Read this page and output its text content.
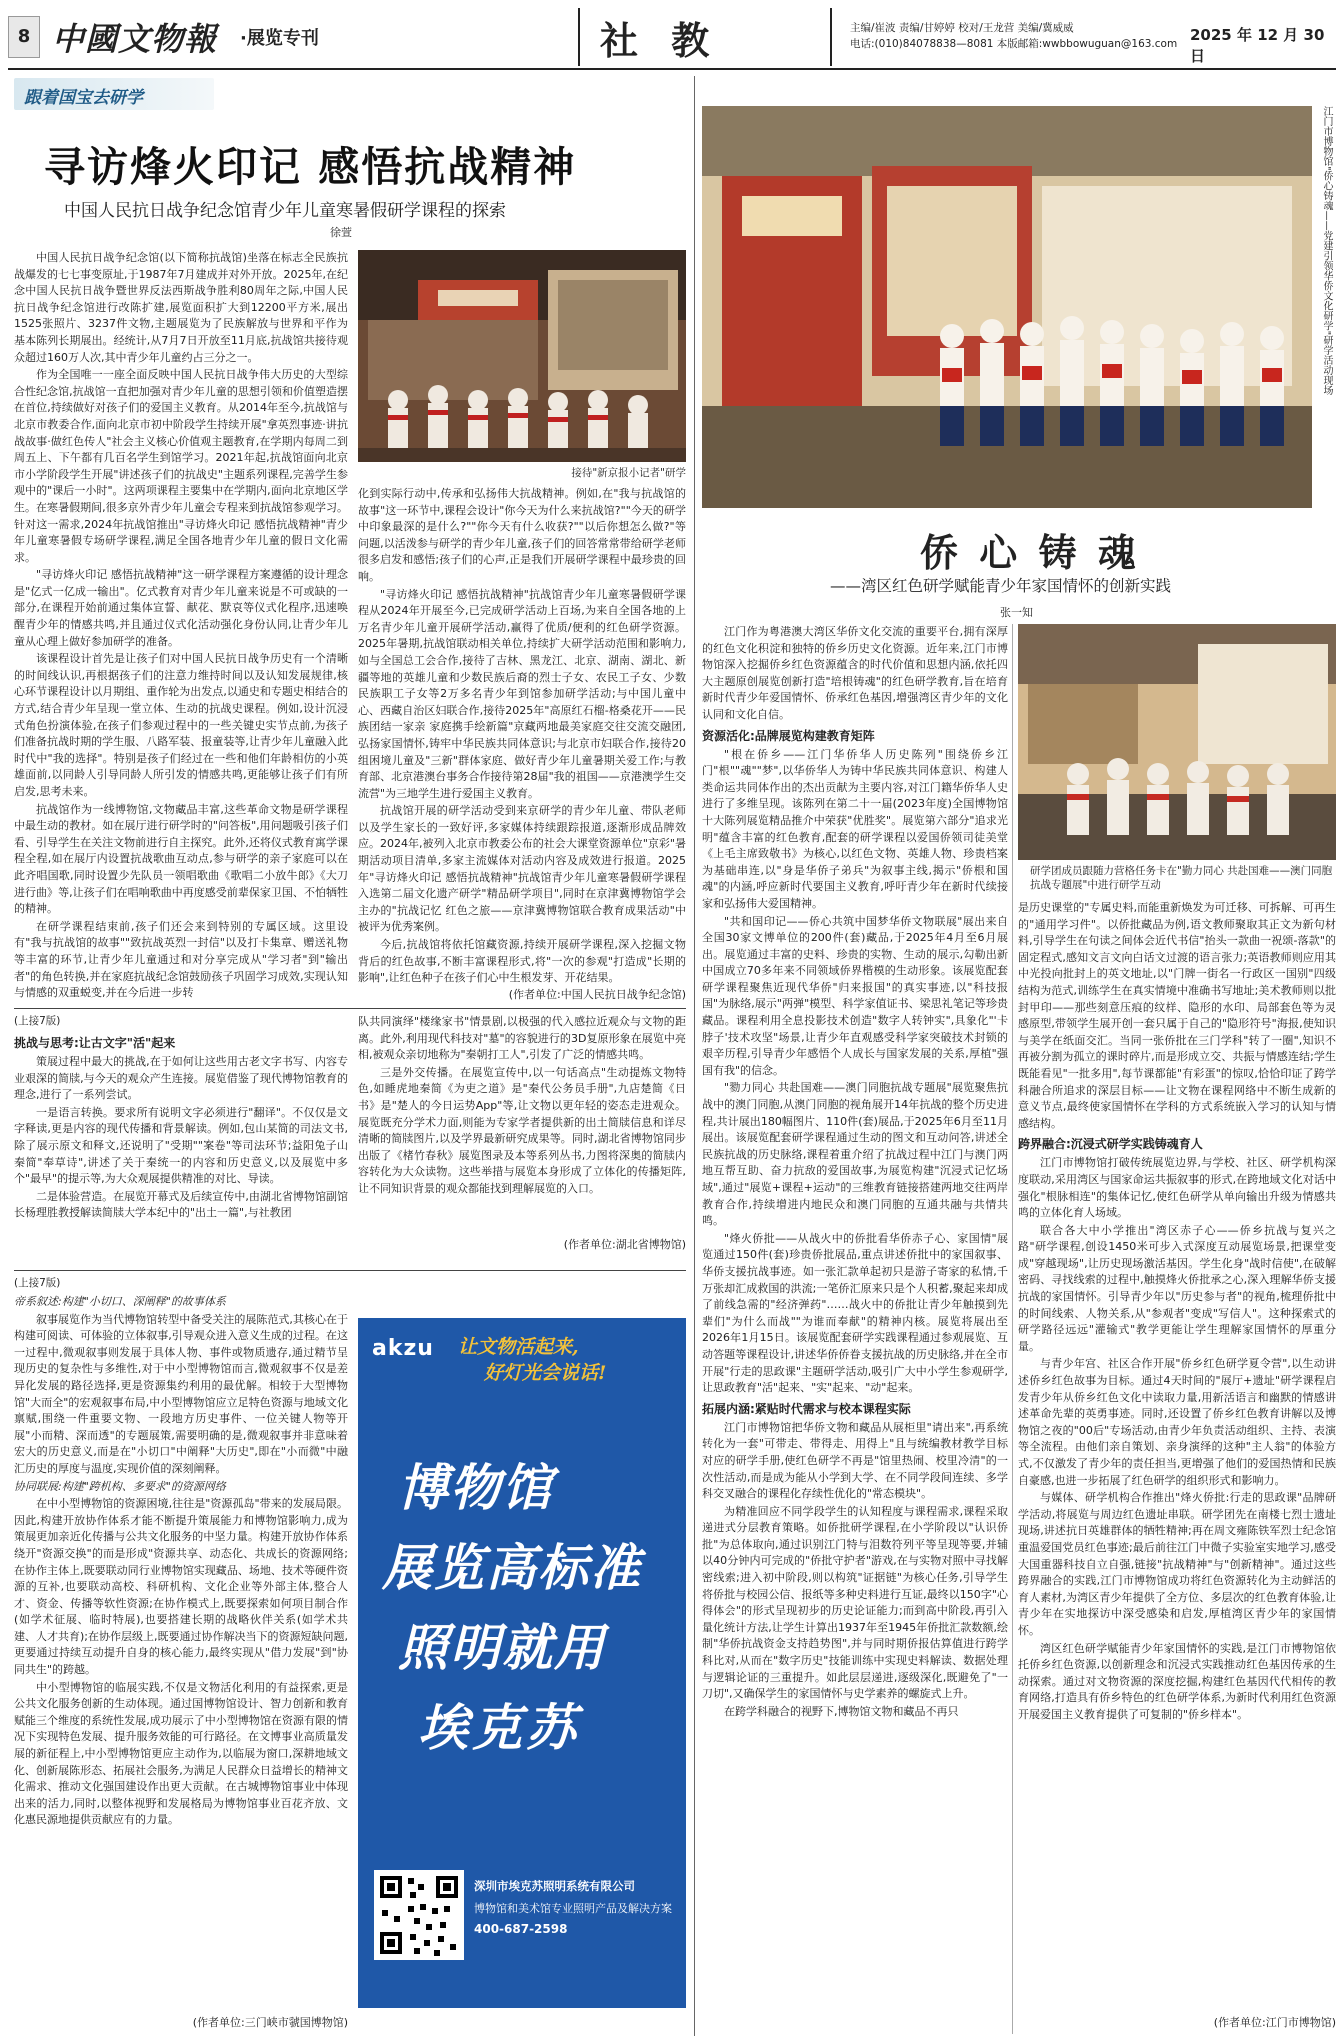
8 中國文物報 ·展览专刊	社 教	主编/崔波 责编/甘婷婷 校对/王龙营 美编/冀威威
电话:(010)84078838—8081 本版邮箱:wwbbowuguan@163.com 2025 年 12 月 30 日
跟着国宝去研学
寻访烽火印记 感悟抗战精神
中国人民抗日战争纪念馆青少年儿童寒暑假研学课程的探索
徐萱

中国人民抗日战争纪念馆(以下简称抗战馆)坐落在标志全民族抗战爆发的七七事变原址,于1987年7月建成并对外开放。2025年,在纪念中国人民抗日战争暨世界反法西斯战争胜利80周年之际,中国人民抗日战争纪念馆进行改陈扩建,展览面积扩大到12200平方米,展出1525张照片、3237件文物,主题展览为了民族解放与世界和平作为基本陈列长期展出。经统计,从7月7日开放至11月底,抗战馆共接待观众超过160万人次,其中青少年儿童约占三分之一。

作为全国唯一一座全面反映中国人民抗日战争伟大历史的大型综合性纪念馆,抗战馆一直把加强对青少年儿童的思想引领和价值塑造摆在首位,持续做好对孩子们的爱国主义教育。从2014年至今,抗战馆与北京市教委合作,面向北京市初中阶段学生持续开展"拿英烈事迹·讲抗战故事·做红色传人"社会主义核心价值观主题教育,在学期内每周二到周五上、下午都有几百名学生到馆学习。2021年起,抗战馆面向北京市小学阶段学生开展"讲述孩子们的抗战史"主题系列课程,完善学生参观中的"课后一小时"。这两项课程主要集中在学期内,面向北京地区学生。在寒暑假期间,很多京外青少年儿童会专程来到抗战馆参观学习。针对这一需求,2024年抗战馆推出"寻访烽火印记 感悟抗战精神"青少年儿童寒暑假专场研学课程,满足全国各地青少年儿童的假日文化需求。

"寻访烽火印记 感悟抗战精神"这一研学课程方案遵循的设计理念是"亿式一亿成一输出"。亿式教育对青少年儿童来说是不可或缺的一部分,在课程开始前通过集体宣誓、献花、默哀等仪式化程序,迅速唤醒青少年的情感共鸣,并且通过仪式化活动强化身份认同,让青少年儿童从心理上做好参加研学的准备。

该课程设计首先是让孩子们对中国人民抗日战争历史有一个清晰的时间线认识,再根据孩子们的注意力维持时间以及认知发展规律,核心环节课程设计以月期组、重作轮为出发点,以通史和专题史相结合的方式,结合青少年呈现一堂立体、生动的抗战史课程。例如,设计沉浸式角色扮演体验,在孩子们参观过程中的一些关键史实节点前,为孩子们准备抗战时期的学生服、八路军装、报童装等,让青少年儿童融入此时代中"我的选择"。特别是孩子们经过在一些和他们年龄相仿的小英雄面前,以同龄人引导同龄人所引发的情感共鸣,更能够让孩子们有所启发,思考未来。

抗战馆作为一线博物馆,文物藏品丰富,这些革命文物是研学课程中最生动的教材。如在展厅进行研学时的"问答板",用问题吸引孩子们看、引导学生在关注文物前进行自主探究。此外,还将仪式教育寓学课程全程,如在展厅内设置抗战歌曲互动点,参与研学的亲子家庭可以在此齐唱国歌,同时设置少先队员一领唱歌曲《歌唱二小放牛郎》《大刀进行曲》等,让孩子们在唱响歌曲中再度感受前辈保家卫国、不怕牺牲的精神。

在研学课程结束前,孩子们还会来到特别的专属区域。这里设有"我与抗战馆的故事""致抗战英烈一封信"以及打卡集章、赠送礼物等丰富的环节,让青少年儿童通过和对分享完成从"学习者"到"输出者"的角色转换,并在家庭抗战纪念馆鼓励孩子巩固学习成效,实现认知与情感的双重蜕变,并在今后进一步转

接待"新京报小记者"研学

化到实际行动中,传承和弘扬伟大抗战精神。例如,在"我与抗战馆的故事"这一环节中,课程会设计"你今天为什么来抗战馆?""今天的研学中印象最深的是什么?""你今天有什么收获?""以后你想怎么做?"等问题,以活泼参与研学的青少年儿童,孩子们的回答常常带给研学老师很多启发和感悟;孩子们的心声,正是我们开展研学课程中最珍贵的回响。

"寻访烽火印记 感悟抗战精神"抗战馆青少年儿童寒暑假研学课程从2024年开展至今,已完成研学活动上百场,为来自全国各地的上万名青少年儿童开展研学活动,赢得了优质/便利的红色研学资源。2025年暑期,抗战馆联动相关单位,持续扩大研学活动范围和影响力,如与全国总工会合作,接待了吉林、黑龙江、北京、湖南、湖北、新疆等地的英雄儿童和少数民族后裔的烈士子女、农民工子女、少数民族职工子女等2万多名青少年到馆参加研学活动;与中国儿童中心、西藏自治区妇联合作,接待2025年"高原红石榴-格桑花开——民族团结一家亲 家庭携手绘新篇"京藏两地最美家庭交往交流交融团,弘扬家国情怀,铸牢中华民族共同体意识;与北京市妇联合作,接待20组困境儿童及"三新"群体家庭、做好青少年儿童暑期关爱工作;与教育部、北京港澳台事务合作接待第28届"我的祖国——京港澳学生交流营"为三地学生进行爱国主义教育。

抗战馆开展的研学活动受到来京研学的青少年儿童、带队老师以及学生家长的一致好评,多家媒体持续跟踪报道,逐渐形成品牌效应。2024年,被列入北京市教委公布的社会大课堂资源单位"京彩"暑期活动项目清单,多家主流媒体对活动内容及成效进行报道。2025年"寻访烽火印记 感悟抗战精神"抗战馆青少年儿童寒暑假研学课程入选第二届文化遗产研学"精品研学项目",同时在京津冀博物馆学会主办的"抗战记忆 红色之旅——京津冀博物馆联合教育成果活动"中被评为优秀案例。

今后,抗战馆将依托馆藏资源,持续开展研学课程,深入挖掘文物背后的红色故事,不断丰富课程形式,将"一次的参观"打造成"长期的影响",让红色种子在孩子们心中生根发芽、开花结果。

(作者单位:中国人民抗日战争纪念馆)
(上接7版)
挑战与思考:让古文字"活"起来

策展过程中最大的挑战,在于如何让这些用古老文字书写、内容专业艰深的简牍,与今天的观众产生连接。展览借鉴了现代博物馆教育的理念,进行了一系列尝试。

一是语言转换。要求所有说明文字必须进行"翻译"。不仅仅是文字释读,更是内容的现代传播和背景解读。例如,包山某简的司法文书,除了展示原文和释文,还说明了"受期""案卷"等司法环节;益阳兔子山秦简"奉草诗",讲述了关于秦统一的内容和历史意义,以及展览中多个"最早"的提示等,为大众观展提供精准的对比、导读。

二是体验营造。在展览开幕式及后续宣传中,由湖北省博物馆副馆长杨理胜教授解读简牍大学本纪中的"出土一篇",与社教团

队共同演绎"楼缘家书"情景剧,以极强的代入感拉近观众与文物的距离。此外,利用现代科技对"墓"的容貌进行的3D复原形象在展览中亮相,被观众亲切地称为"秦朝打工人",引发了广泛的情感共鸣。

三是外交传播。在展览宣传中,以一句话高点"生动提炼文物特色,如睡虎地秦简《为吏之道》是"秦代公务员手册",九店楚简《日书》是"楚人的今日运势App"等,让文物以更年轻的姿态走进观众。展览既充分学术力面,则能为专家学者提供新的出土简牍信息和详尽清晰的简牍图片,以及学界最新研究成果等。同时,湖北省博物馆同步出版了《楮竹春秋》展览图录及本等系列丛书,力图将深奥的简牍内容转化为大众读物。这些举措与展览本身形成了立体化的传播矩阵,让不同知识背景的观众都能找到理解展览的入口。

(作者单位:湖北省博物馆)
(上接7版)

帝系叙述:构建"小切口、深阐释"的故事体系

叙事展览作为当代博物馆转型中备受关注的展陈范式,其核心在于构建可阅读、可体验的立体叙事,引导观众进入意义生成的过程。在这一过程中,微观叙事则发展于具体人物、事件或物质遗存,通过精节呈现历史的复杂性与多维性,对于中小型博物馆而言,微观叙事不仅是差异化发展的路径选择,更是资源集约利用的最优解。相较于大型博物馆"大而全"的宏观叙事布局,中小型博物馆应立足特色资源与地域文化禀赋,围绕一件重要文物、一段地方历史事件、一位关键人物等开展"小而精、深而透"的专题展策,需要明确的是,微观叙事并非意味着宏大的历史意义,而是在"小切口"中阐释"大历史",即在"小而微"中融汇历史的厚度与温度,实现价值的深刻阐释。

协同联展:构建"跨机构、多要求"的资源网络

在中小型博物馆的资源困境,往往是"资源孤岛"带来的发展局限。因此,构建开放协作体系才能不断提升策展能力和博物馆影响力,成为策展更加亲近化传播与公共文化服务的中坚力量。构建开放协作体系绕开"资源交换"的而是形成"资源共享、动态化、共成长的资源网络;在协作主体上,既要联动同行业博物馆实现藏品、场地、技术等硬件资源的互补,也要联动高校、科研机构、文化企业等外部主体,整合人才、资金、传播等软性资源;在协作模式上,既要探索如何项目制合作(如学术征展、临时特展),也要搭建长期的战略伙伴关系(如学术共建、人才共育);在协作层级上,既要通过协作解决当下的资源短缺问题,更要通过持续互动提升自身的核心能力,最终实现从"借力发展"到"协同共生"的跨越。

中小型博物馆的临展实践,不仅是文物活化利用的有益探索,更是公共文化服务创新的生动体现。通过国博物馆设计、智力创新和教育赋能三个维度的系统性发展,成功展示了中小型博物馆在资源有限的情况下实现特色发展、提升服务效能的可行路径。在文博事业高质量发展的新征程上,中小型博物馆更应主动作为,以临展为窗口,深耕地域文化、创新展陈形态、拓展社会服务,为满足人民群众日益增长的精神文化需求、推动文化强国建设作出更大贡献。在古城博物馆事业中体现出来的活力,同时,以整体视野和发展格局为博物馆事业百花齐放、文化惠民源地提供贡献应有的力量。

(作者单位:三门峡市虢国博物馆)
akzu 让文物活起来,
好灯光会说话!
博物馆
展览高标准
照明就用
埃克苏
深圳市埃克苏照明系统有限公司
博物馆和美术馆专业照明产品及解决方案
400-687-2598
江门市博物馆"侨心铸魂——党建引领华侨文化研学"研学活动现场
侨 心 铸 魂
——湾区红色研学赋能青少年家国情怀的创新实践
张一知

江门作为粤港澳大湾区华侨文化交流的重要平台,拥有深厚的红色文化积淀和独特的侨乡历史文化资源。近年来,江门市博物馆深入挖掘侨乡红色资源蕴含的时代价值和思想内涵,依托四大主题原创展览创新打造"培根铸魂"的红色研学教育,旨在培育新时代青少年爱国情怀、侨承红色基因,增强湾区青少年的文化认同和文化自信。

资源活化:品牌展览构建教育矩阵

"根在侨乡——江门华侨华人历史陈列"围绕侨乡江门"根""魂""梦",以华侨华人为铸中华民族共同体意识、构建人类命运共同体作出的杰出贡献为主要内容,对江门籍华侨华人史进行了多维呈现。该陈列在第二十一届(2023年度)全国博物馆十大陈列展览精品推介中荣获"优胜奖"。展览第六部分"追求光明"蕴含丰富的红色教育,配套的研学课程以爱国侨领司徒美堂《上毛主席致敬书》为核心,以红色文物、英雄人物、珍贵档案为基础串连,以"身是华侨子弟兵"为叙事主线,揭示"侨根和国魂"的内涵,呼应新时代要国主义教育,呼吁青少年在新时代续接家和弘扬伟大爱国精神。

"共和国印记——侨心共筑中国梦华侨文物联展"展出来自全国30家文博单位的200件(套)藏品,于2025年4月至6月展出。展览通过丰富的史料、珍贵的实物、生动的展示,勾勒出新中国成立70多年来不同领域侨界楷模的生动形象。该展览配套研学课程聚焦近现代华侨"归来报国"的真实事迹,以"科技报国"为脉络,展示"两弹"模型、科学家值证书、梁思礼笔记等珍贵藏品。课程利用全息投影技术创造"数字人转钟实",具象化"'卡脖子'技术攻坚"场景,让青少年直观感受科学家突破技术封锁的艰辛历程,引导青少年感悟个人成长与国家发展的关系,厚植"强国有我"的信念。

"勠力同心 共赴国难——澳门同胞抗战专题展"展览聚焦抗战中的澳门同胞,从澳门同胞的视角展开14年抗战的整个历史进程,共计展出180幅图片、110件(套)展品,于2025年6月至11月展出。该展览配套研学课程通过生动的图文和互动问答,讲述全民族抗战的历史脉络,课程着重介绍了抗战过程中江门与澳门两地互帮互助、奋力抗敌的爱国故事,为展览构建"沉浸式记忆场域",通过"展览+课程+运动"的三维教育链接搭建两地交往两岸教育合作,持续增进内地民众和澳门同胞的互通共融与共情共鸣。

"烽火侨批——从战火中的侨批看华侨赤子心、家国情"展览通过150件(套)珍贵侨批展品,重点讲述侨批中的家国叙事、华侨支援抗战事迹。如一张汇款单起初只是游子寄家的私情,千万张却汇成救国的洪流;一笔侨汇原来只是个人积蓄,聚起来却成了前线急需的"经济弹药"……战火中的侨批让青少年触摸到先辈们"为什么而战""为谁而奉献"的精神内核。展览将展出至2026年1月15日。该展览配套研学实践课程通过参观展览、互动答题等课程设计,讲述华侨侨眷支援抗战的历史脉络,并在全市开展"行走的思政课"主题研学活动,吸引广大中小学生参观研学,让思政教育"活"起来、"实"起来、"动"起来。

拓展内涵:紧贴时代需求与校本课程实际

江门市博物馆把华侨文物和藏品从展柜里"请出来",再系统转化为一套"可带走、带得走、用得上"且与统编教材教学目标对应的研学手册,使红色研学不再是"馆里热闹、校里冷清"的一次性活动,而是成为能从小学到大学、在不同学段间连续、多学科交叉融合的课程化存续性优化的"常态模块"。

为精准回应不同学段学生的认知程度与课程需求,课程采取递进式分层教育策略。如侨批研学课程,在小学阶段以"认识侨批"为总体取向,通过识别江门特与泪数符列平等呈现等要,并辅以40分钟内可完成的"侨批守护者"游戏,在与实物对照中寻找解密线索;进入初中阶段,则以构筑"证据链"为核心任务,引导学生将侨批与校园公信、报纸等多种史料进行互证,最终以150字"心得体会"的形式呈现初步的历史论证能力;而到高中阶段,再引入量化统计方法,让学生计算出1937年至1945年侨批汇款数额,绘制"华侨抗战资金支持趋势图",并与同时期侨报估算值进行跨学科比对,从而在"数字历史"技能训练中实现史料解读、数据处理与逻辑论证的三重提升。如此层层递进,逐级深化,既避免了"一刀切",又确保学生的家国情怀与史学素养的螺旋式上升。

在跨学科融合的视野下,博物馆文物和藏品不再只

研学团成员跟随力营格任务卡在"勤力同心 共赴国难——澳门同胞抗战专题展"中进行研学互动

是历史课堂的"专属史料,而能重新焕发为可迁移、可拆解、可再生的"通用学习件"。以侨批藏品为例,语文教师聚取其正文为新句材料,引导学生在句读之间体会近代书信"抬头一款曲一祝颂-落款"的固定程式,感知文言文向白话文过渡的语言张力;英语教师则应用其中光投向批封上的英文地址,以"门牌一街名一行政区一国别"四级结构为范式,训练学生在真实情境中准确书写地址;美术教师则以批封甲印——那些刻意压痕的纹样、隐形的水印、局部套色等为灵感原型,带领学生展开创一套只属于自己的"隐形符号"海报,使知识与美学在纸面交汇。当同一张侨批在三门学科"转了一圈",知识不再被分割为孤立的课时碎片,而是形成立交、共振与情感连结;学生既能看见"一批多用",每节课都能"有彩蛋"的惊叹,恰恰印证了跨学科融合所追求的深层目标——让文物在课程网络中不断生成新的意义节点,最终使家国情怀在学科的方式系统嵌入学习的认知与情感结构。

跨界融合:沉浸式研学实践铸魂育人

江门市博物馆打破传统展览边界,与学校、社区、研学机构深度联动,采用湾区与国家命运共振叙事的形式,在跨地域文化对话中强化"根脉相连"的集体记忆,使红色研学从单向输出升级为情感共鸣的立体化育人场域。

联合各大中小学推出"湾区赤子心——侨乡抗战与复兴之路"研学课程,创设1450米可步入式深度互动展览场景,把课堂变成"穿越现场",让历史现场激活基因。学生化身"战时信使",在破解密码、寻找线索的过程中,触摸烽火侨批承之心,深入理解华侨支援抗战的家国情怀。引导青少年以"历史参与者"的视角,梳理侨批中的时间线索、人物关系,从"参观者"变成"写信人"。这种探索式的研学路径远远"灌输式"教学更能让学生理解家国情怀的厚重分量。

与青少年宫、社区合作开展"侨乡红色研学夏令营",以生动讲述侨乡红色故事为目标。通过4天时间的"展厅+遗址"研学课程启发青少年从侨乡红色文化中读取力量,用新活语言和幽默的情感讲述革命先辈的英勇事迹。同时,还设置了侨乡红色教育讲解以及博物馆之夜的"00后"专场活动,由青少年负责活动组织、主持、表演等全流程。由他们亲自策划、亲身演绎的这种"主人翁"的体验方式,不仅激发了青少年的责任担当,更增强了他们的爱国热情和民族自豪感,也进一步拓展了红色研学的组织形式和影响力。

与媒体、研学机构合作推出"烽火侨批:行走的思政课"品牌研学活动,将展览与周边红色遗址串联。研学团先在南楼七烈士遗址现场,讲述抗日英雄群体的牺牲精神;再在周文雍陈铁军烈士纪念馆重温爱国党员红色事迹;最后前往江门中微子实验室实地学习,感受大国重器科技自立自强,链接"抗战精神"与"创新精神"。通过这些跨界融合的实践,江门市博物馆成功将红色资源转化为主动鲜活的育人素材,为湾区青少年提供了全方位、多层次的红色教育体验,让青少年在实地探访中深受感染和启发,厚植湾区青少年的家国情怀。

湾区红色研学赋能青少年家国情怀的实践,是江门市博物馆依托侨乡红色资源,以创新理念和沉浸式实践推动红色基因传承的生动探索。通过对文物资源的深度挖掘,构建红色基因代代相传的教育网络,打造具有侨乡特色的红色研学体系,为新时代利用红色资源开展爱国主义教育提供了可复制的"侨乡样本"。

(作者单位:江门市博物馆)
